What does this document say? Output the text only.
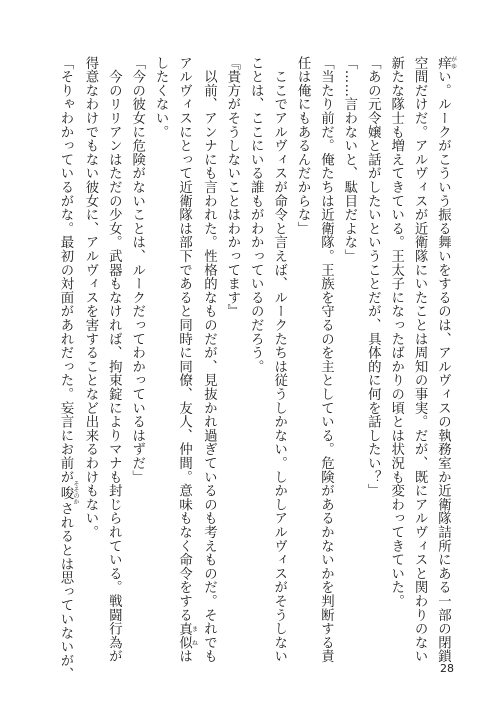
痒 がゆい。ルークがこういう振る舞いをするのは、アルヴィスの執務室か近衛隊詰所にある一部の閉鎖
空間だけだ。アルヴィスが近衛隊にいたことは周知の事実。だが、既にアルヴィスと関わりのない
新たな隊士も増えてきている。王太子になったばかりの頃とは状況も変わってきていた。
「あの元令嬢と話がしたいということだが、具体的に何を話したい？」
「……言わないと、駄目だよな」
「当たり前だ。俺たちは近衛隊。王族を守るのを主としている。危険があるかないかを判断する責
任は俺にもあるんだからな」
　ここでアルヴィスが命令と言えば、ルークたちは従うしかない。しかしアルヴィスがそうしない
ことは、ここにいる誰もがわかっているのだろう。
『貴方がそうしないことはわかってます』
　以前、アンナにも言われた。性格的なものだが、見抜かれ過ぎているのも考えものだ。それでも
アルヴィスにとって近衛隊は部下であると同時に同僚、友人、仲間。意味もなく命令をする真似 まねは
したくない。
「今の彼女に危険がないことは、ルークだってわかっているはずだ」
　今のリリアンはただの少女。武器もなければ、拘束錠によりマナも封じられている。戦闘行為が
得意なわけでもない彼女に、アルヴィスを害することなど出来るわけもない。
「そりゃわかっているがな。最初の対面があれだった。妄言にお前が唆 そそのかされるとは思っていないが、	28
